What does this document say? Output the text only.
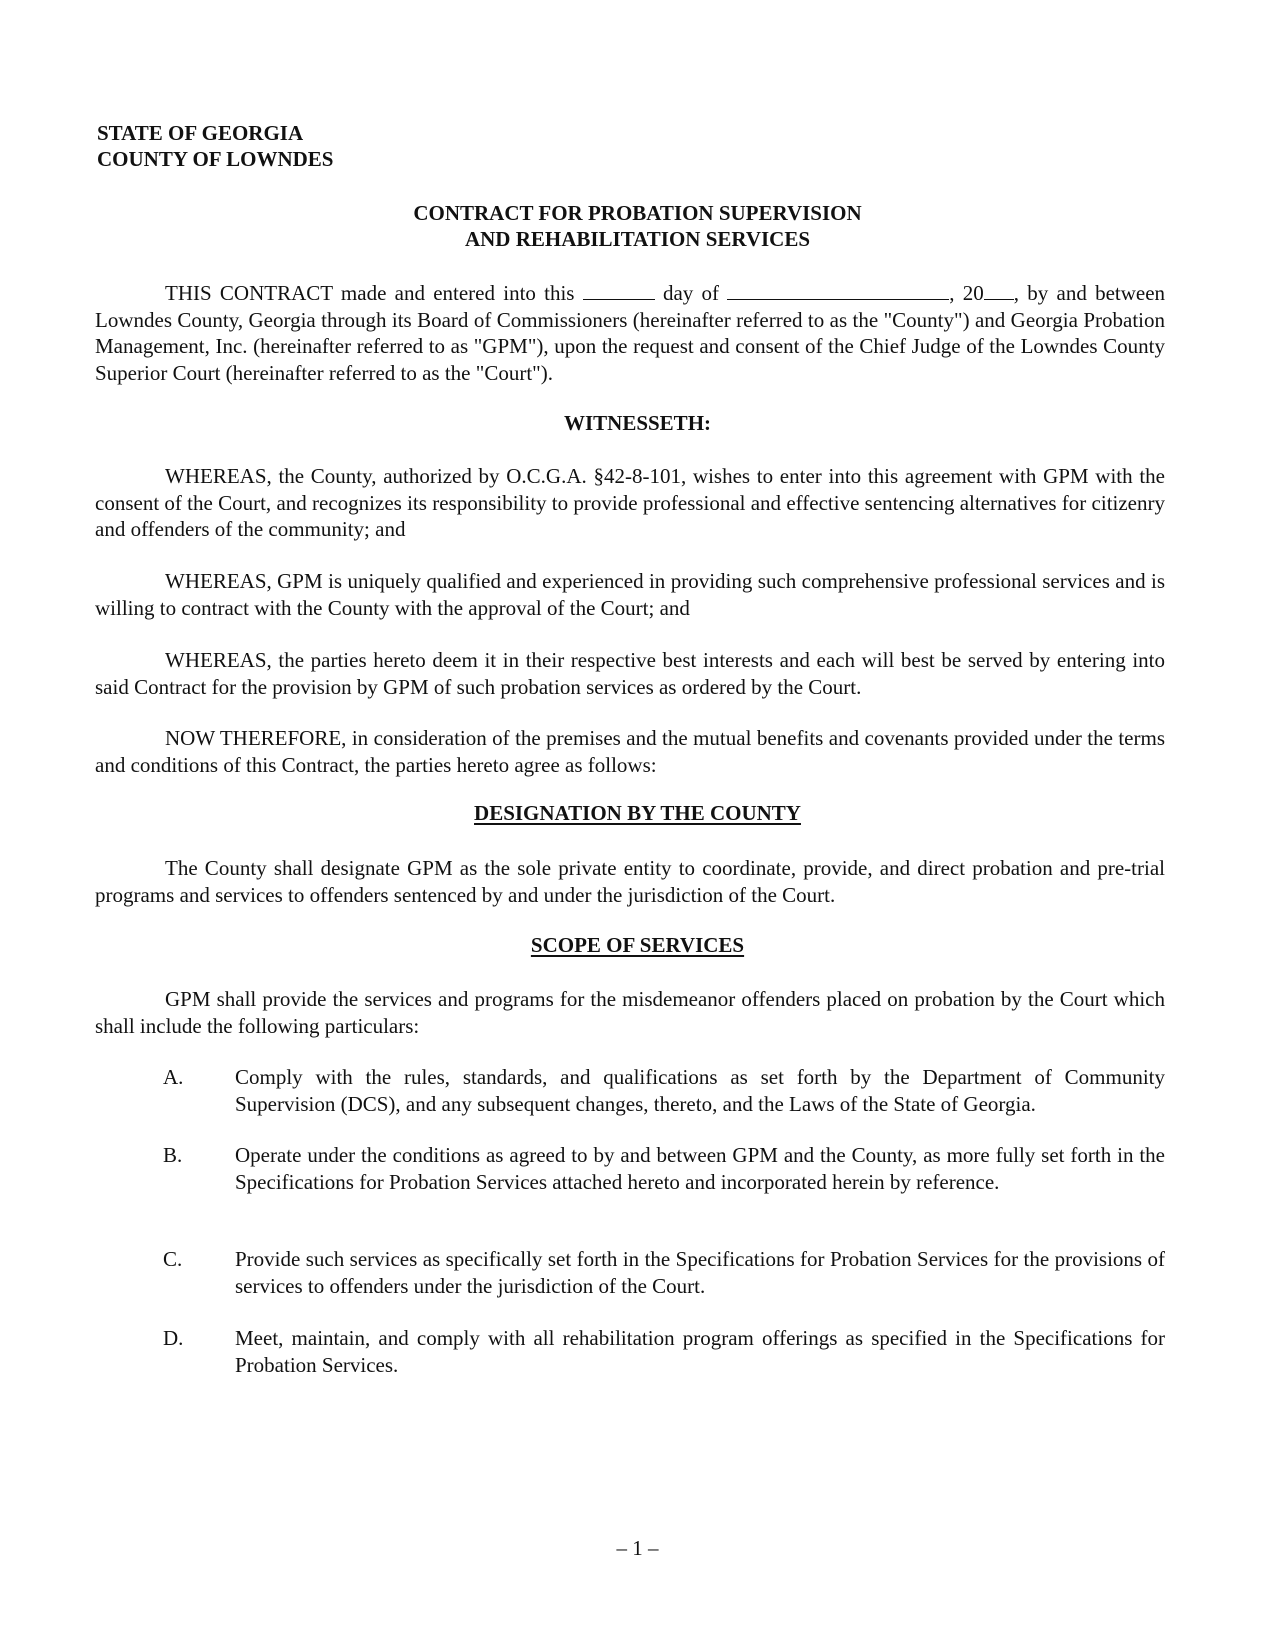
STATE OF GEORGIA
COUNTY OF LOWNDES
CONTRACT FOR PROBATION SUPERVISION
AND REHABILITATION SERVICES
THIS CONTRACT made and entered into this	day of	, 20 , by and between Lowndes County, Georgia through its Board of Commissioners (hereinafter referred to as the "County") and Georgia Probation Management, Inc. (hereinafter referred to as "GPM"), upon the request and consent of the Chief Judge of the Lowndes County Superior Court (hereinafter referred to as the "Court").
WITNESSETH:
WHEREAS, the County, authorized by O.C.G.A. §42-8-101, wishes to enter into this agreement with GPM with the consent of the Court, and recognizes its responsibility to provide professional and effective sentencing alternatives for citizenry and offenders of the community; and
WHEREAS, GPM is uniquely qualified and experienced in providing such comprehensive professional services and is willing to contract with the County with the approval of the Court; and
WHEREAS, the parties hereto deem it in their respective best interests and each will best be served by entering into said Contract for the provision by GPM of such probation services as ordered by the Court.
NOW THEREFORE, in consideration of the premises and the mutual benefits and covenants provided under the terms and conditions of this Contract, the parties hereto agree as follows:
DESIGNATION BY THE COUNTY
The County shall designate GPM as the sole private entity to coordinate, provide, and direct probation and pre-trial programs and services to offenders sentenced by and under the jurisdiction of the Court.
SCOPE OF SERVICES
GPM shall provide the services and programs for the misdemeanor offenders placed on probation by the Court which shall include the following particulars:
A. Comply with the rules, standards, and qualifications as set forth by the Department of Community Supervision (DCS), and any subsequent changes, thereto, and the Laws of the State of Georgia.
B.	Operate under the conditions as agreed to by and between GPM and the County, as more fully set forth in the Specifications for Probation Services attached hereto and incorporated herein by reference.
C.	Provide such services as specifically set forth in the Specifications for Probation Services for the provisions of services to offenders under the jurisdiction of the Court.
D. Meet, maintain, and comply with all rehabilitation program offerings as specified in the Specifications for Probation Services.
– 1 –
